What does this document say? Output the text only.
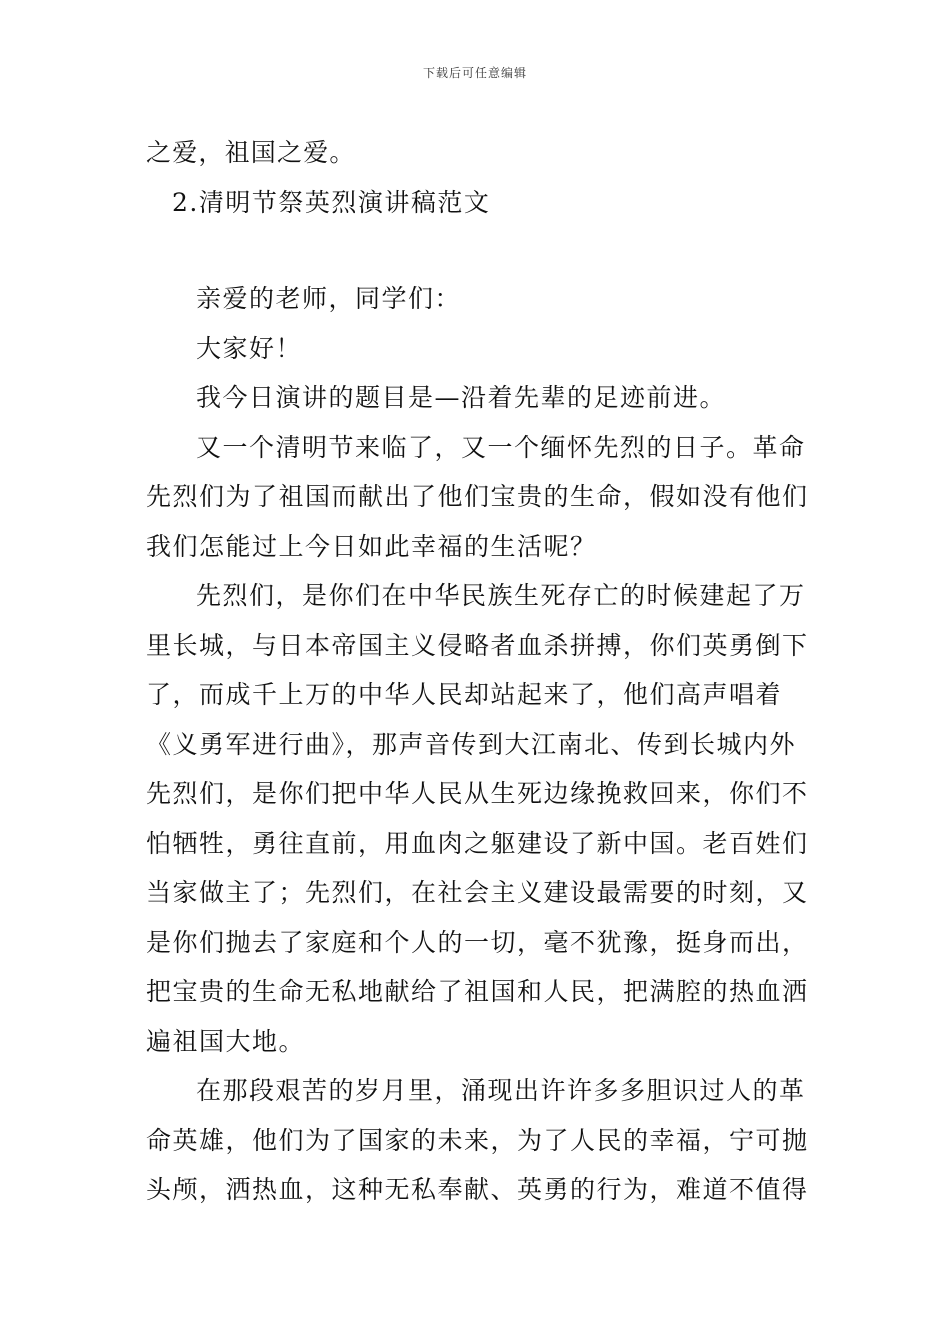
下载后可任意编辑
之爱，祖国之爱。
2.清明节祭英烈演讲稿范文
亲爱的老师，同学们：
大家好！
我今日演讲的题目是—沿着先辈的足迹前进。
又一个清明节来临了，又一个缅怀先烈的日子。革命
先烈们为了祖国而献出了他们宝贵的生命，假如没有他们
我们怎能过上今日如此幸福的生活呢？
先烈们，是你们在中华民族生死存亡的时候建起了万
里长城，与日本帝国主义侵略者血杀拼搏，你们英勇倒下
了，而成千上万的中华人民却站起来了，他们高声唱着
《义勇军进行曲》，那声音传到大江南北、传到长城内外
先烈们，是你们把中华人民从生死边缘挽救回来，你们不
怕牺牲，勇往直前，用血肉之躯建设了新中国。老百姓们
当家做主了；先烈们，在社会主义建设最需要的时刻，又
是你们抛去了家庭和个人的一切，毫不犹豫，挺身而出，
把宝贵的生命无私地献给了祖国和人民，把满腔的热血洒
遍祖国大地。
在那段艰苦的岁月里，涌现出许许多多胆识过人的革
命英雄，他们为了国家的未来，为了人民的幸福，宁可抛
头颅，洒热血，这种无私奉献、英勇的行为，难道不值得
